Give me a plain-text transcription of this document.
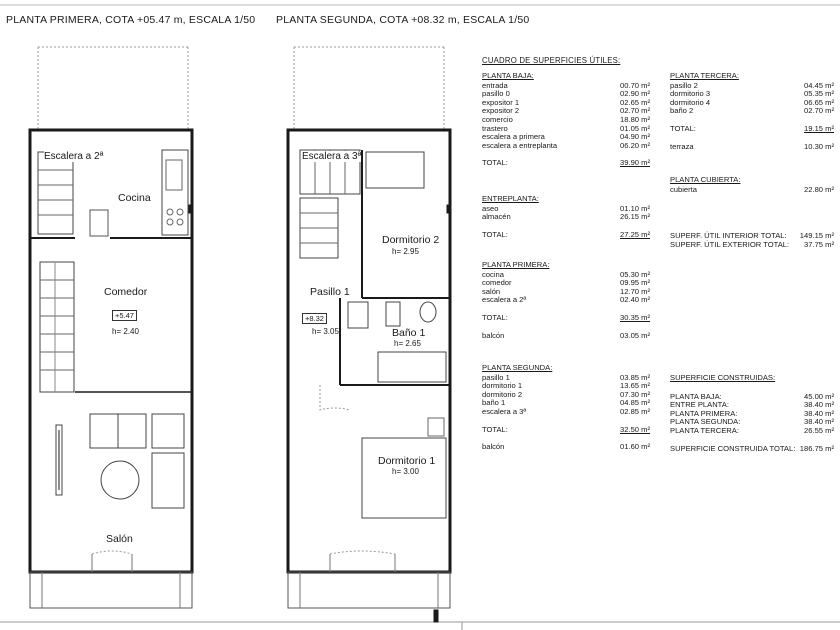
PLANTA PRIMERA, COTA +05.47 m, ESCALA 1/50 PLANTA SEGUNDA, COTA +08.32 m, ESCALA 1/50
Escalera a 2ª
Cocina
Comedor
+5.47
h= 2.40
Salón
Escalera a 3ª
Dormitorio 2
h= 2.95
Pasillo 1
+8.32
h= 3.05	Baño 1
h= 2.65
Dormitorio 1
h= 3.00
CUADRO DE SUPERFICIES ÚTILES:
PLANTA BAJA:
entrada	00.70 m²
pasillo 0	02.90 m²
expositor 1	02.65 m²
expositor 2	02.70 m²
comercio	18.80 m²
trastero	01.05 m²
escalera a primera	04.90 m²
escalera a entreplanta	06.20 m²
TOTAL:	39.90 m²
ENTREPLANTA:
aseo	01.10 m²
almacén	26.15 m²
TOTAL:	27.25 m²
PLANTA PRIMERA:
cocina	05.30 m²
comedor	09.95 m²
salón	12.70 m²
escalera a 2ª	02.40 m²
TOTAL:	30.35 m²
balcón	03.05 m²
PLANTA SEGUNDA:
pasillo 1	03.85 m²
dormitorio 1	13.65 m²
dormitorio 2	07.30 m²
baño 1	04.85 m²
escalera a 3ª	02.85 m²
TOTAL:	32.50 m²
balcón	01.60 m²
PLANTA TERCERA:
pasillo 2	04.45 m²
dormitorio 3	05.35 m²
dormitorio 4	06.65 m²
baño 2	02.70 m²
TOTAL:	19.15 m²
terraza	10.30 m²
PLANTA CUBIERTA:
cubierta	22.80 m²
SUPERF. ÚTIL INTERIOR TOTAL: 149.15 m²
SUPERF. ÚTIL EXTERIOR TOTAL: 37.75 m²
SUPERFICIE CONSTRUIDAS:
PLANTA BAJA:	45.00 m²
ENTRE PLANTA:	38.40 m²
PLANTA PRIMERA:	38.40 m²
PLANTA SEGUNDA:	38.40 m²
PLANTA TERCERA:	26.55 m²
SUPERFICIE CONSTRUIDA TOTAL: 186.75 m²
